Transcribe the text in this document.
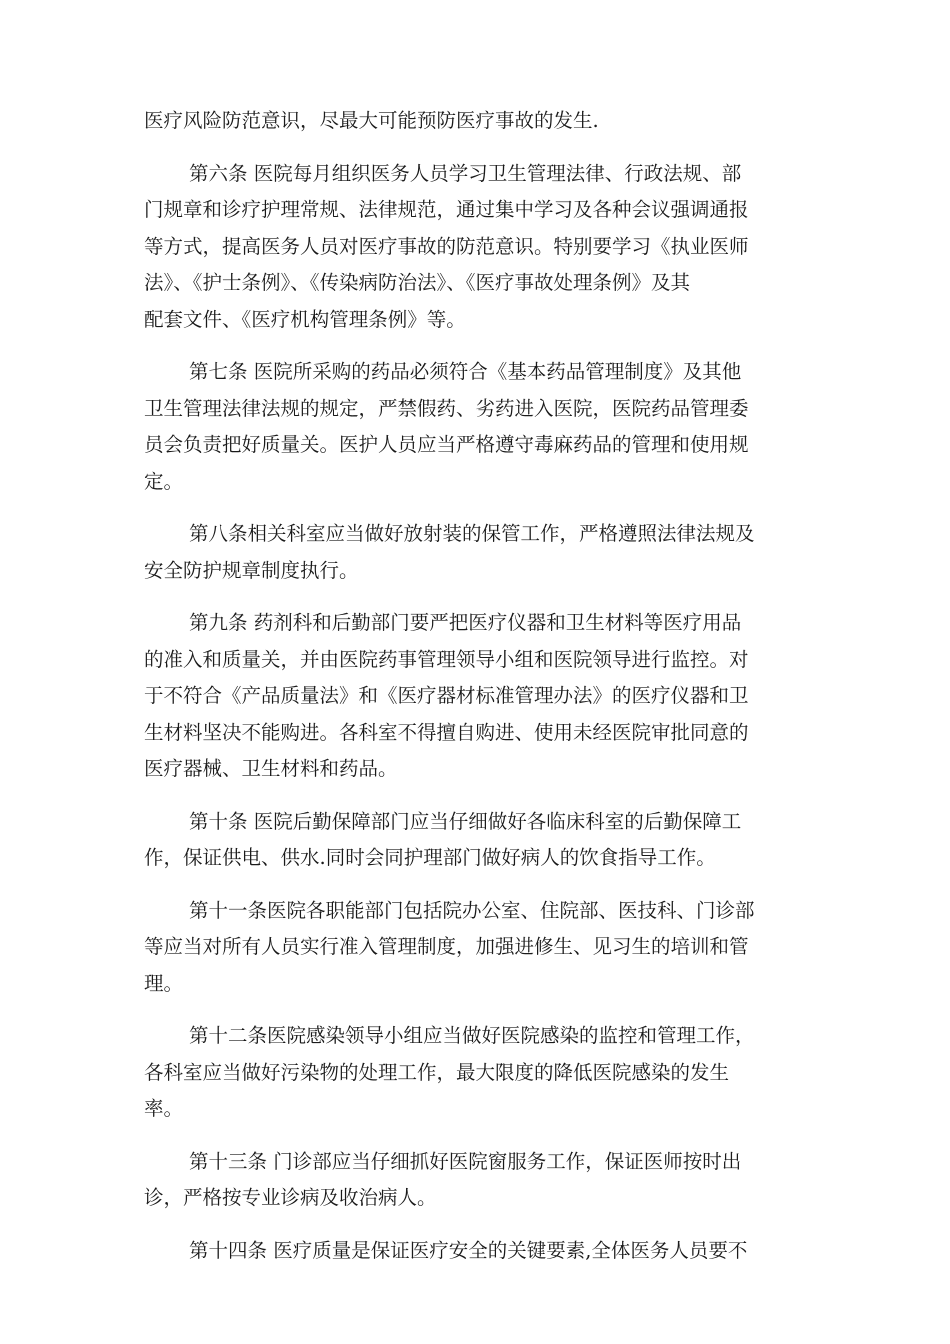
医疗风险防范意识，尽最大可能预防医疗事故的发生.
第六条 医院每月组织医务人员学习卫生管理法律、行政法规、部
门规章和诊疗护理常规、法律规范，通过集中学习及各种会议强调通报
等方式，提高医务人员对医疗事故的防范意识。特别要学习《执业医师
法》、《护士条例》、《传染病防治法》、《医疗事故处理条例》及其
配套文件、《医疗机构管理条例》等。
第七条 医院所采购的药品必须符合《基本药品管理制度》及其他
卫生管理法律法规的规定，严禁假药、劣药进入医院，医院药品管理委
员会负责把好质量关。医护人员应当严格遵守毒麻药品的管理和使用规
定。
第八条相关科室应当做好放射装的保管工作，严格遵照法律法规及
安全防护规章制度执行。
第九条 药剂科和后勤部门要严把医疗仪器和卫生材料等医疗用品
的准入和质量关，并由医院药事管理领导小组和医院领导进行监控。对
于不符合《产品质量法》和《医疗器材标准管理办法》的医疗仪器和卫
生材料坚决不能购进。各科室不得擅自购进、使用未经医院审批同意的
医疗器械、卫生材料和药品。
第十条 医院后勤保障部门应当仔细做好各临床科室的后勤保障工
作，保证供电、供水.同时会同护理部门做好病人的饮食指导工作。
第十一条医院各职能部门包括院办公室、住院部、医技科、门诊部
等应当对所有人员实行准入管理制度，加强进修生、见习生的培训和管
理。
第十二条医院感染领导小组应当做好医院感染的监控和管理工作，
各科室应当做好污染物的处理工作，最大限度的降低医院感染的发生
率。
第十三条 门诊部应当仔细抓好医院窗服务工作，保证医师按时出
诊，严格按专业诊病及收治病人。
第十四条 医疗质量是保证医疗安全的关键要素,全体医务人员要不
